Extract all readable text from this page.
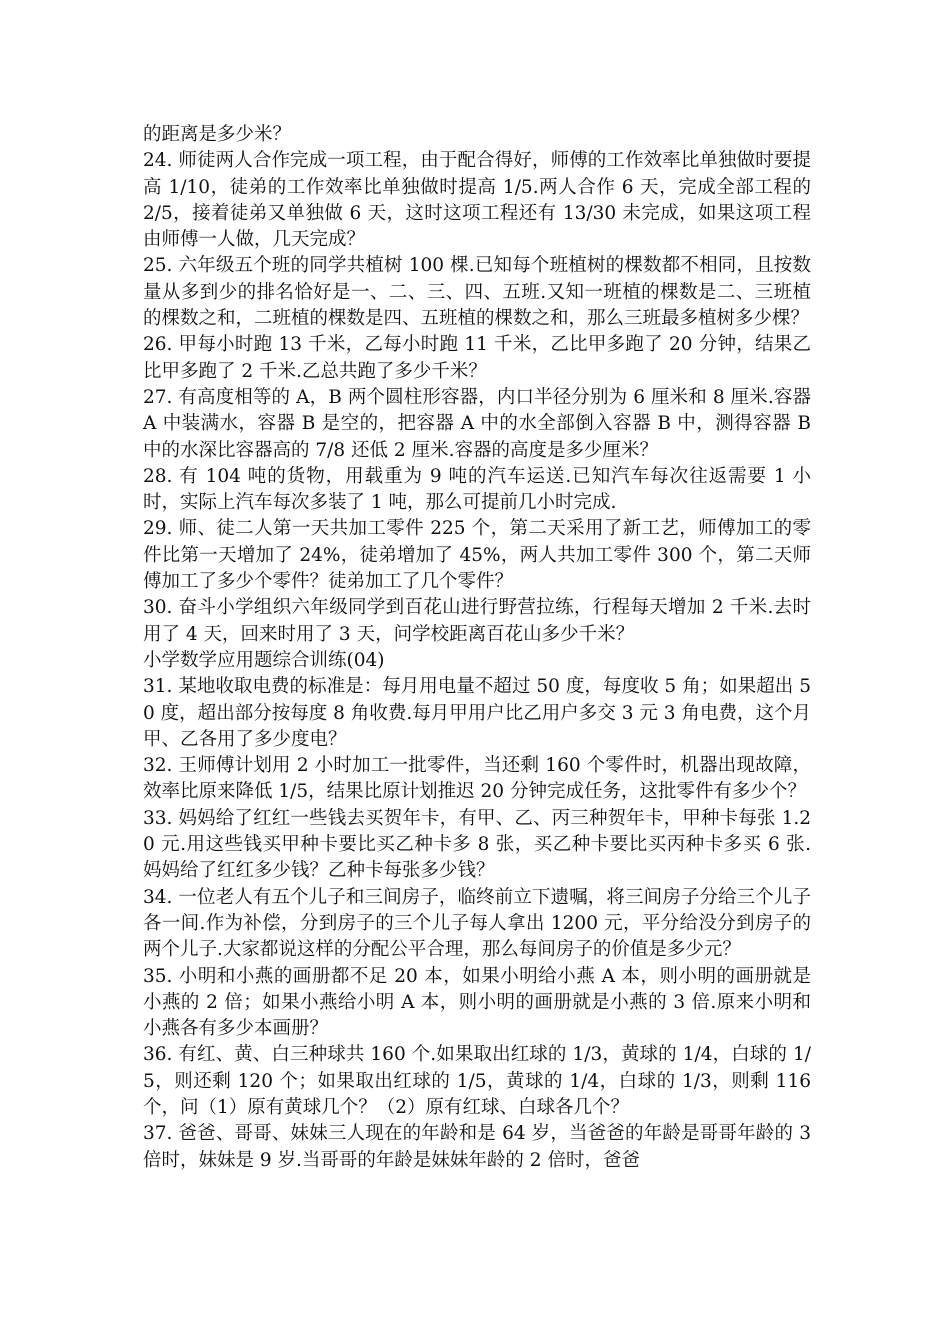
的距离是多少米？

24. 师徒两人合作完成一项工程，由于配合得好，师傅的工作效率比单独做时要提高 1/10，徒弟的工作效率比单独做时提高 1/5.两人合作 6 天，完成全部工程的 2/5，接着徒弟又单独做 6 天，这时这项工程还有 13/30 未完成，如果这项工程由师傅一人做，几天完成？

25. 六年级五个班的同学共植树 100 棵.已知每个班植树的棵数都不相同，且按数量从多到少的排名恰好是一、二、三、四、五班.又知一班植的棵数是二、三班植的棵数之和，二班植的棵数是四、五班植的棵数之和，那么三班最多植树多少棵？

26. 甲每小时跑 13 千米，乙每小时跑 11 千米，乙比甲多跑了 20 分钟，结果乙比甲多跑了 2 千米.乙总共跑了多少千米？

27. 有高度相等的 A，B 两个圆柱形容器，内口半径分别为 6 厘米和 8 厘米.容器 A 中装满水，容器 B 是空的，把容器 A 中的水全部倒入容器 B 中，测得容器 B 中的水深比容器高的 7/8 还低 2 厘米.容器的高度是多少厘米？

28. 有 104 吨的货物，用载重为 9 吨的汽车运送.已知汽车每次往返需要 1 小时，实际上汽车每次多装了 1 吨，那么可提前几小时完成.

29. 师、徒二人第一天共加工零件 225 个，第二天采用了新工艺，师傅加工的零件比第一天增加了 24%，徒弟增加了 45%，两人共加工零件 300 个，第二天师傅加工了多少个零件？徒弟加工了几个零件？

30. 奋斗小学组织六年级同学到百花山进行野营拉练，行程每天增加 2 千米.去时用了 4 天，回来时用了 3 天，问学校距离百花山多少千米？

小学数学应用题综合训练(04)

31. 某地收取电费的标准是：每月用电量不超过 50 度，每度收 5 角；如果超出 50 度，超出部分按每度 8 角收费.每月甲用户比乙用户多交 3 元 3 角电费，这个月甲、乙各用了多少度电？

32. 王师傅计划用 2 小时加工一批零件，当还剩 160 个零件时，机器出现故障，效率比原来降低 1/5，结果比原计划推迟 20 分钟完成任务，这批零件有多少个？

33. 妈妈给了红红一些钱去买贺年卡，有甲、乙、丙三种贺年卡，甲种卡每张 1.20 元.用这些钱买甲种卡要比买乙种卡多 8 张，买乙种卡要比买丙种卡多买 6 张.妈妈给了红红多少钱？乙种卡每张多少钱？

34. 一位老人有五个儿子和三间房子，临终前立下遗嘱，将三间房子分给三个儿子各一间.作为补偿，分到房子的三个儿子每人拿出 1200 元，平分给没分到房子的两个儿子.大家都说这样的分配公平合理，那么每间房子的价值是多少元？

35. 小明和小燕的画册都不足 20 本，如果小明给小燕 A 本，则小明的画册就是小燕的 2 倍；如果小燕给小明 A 本，则小明的画册就是小燕的 3 倍.原来小明和小燕各有多少本画册？

36. 有红、黄、白三种球共 160 个.如果取出红球的 1/3，黄球的 1/4，白球的 1/5，则还剩 120 个；如果取出红球的 1/5，黄球的 1/4，白球的 1/3，则剩 116 个，问（1）原有黄球几个？（2）原有红球、白球各几个？

37. 爸爸、哥哥、妹妹三人现在的年龄和是 64 岁，当爸爸的年龄是哥哥年龄的 3 倍时，妹妹是 9 岁.当哥哥的年龄是妹妹年龄的 2 倍时，爸爸
